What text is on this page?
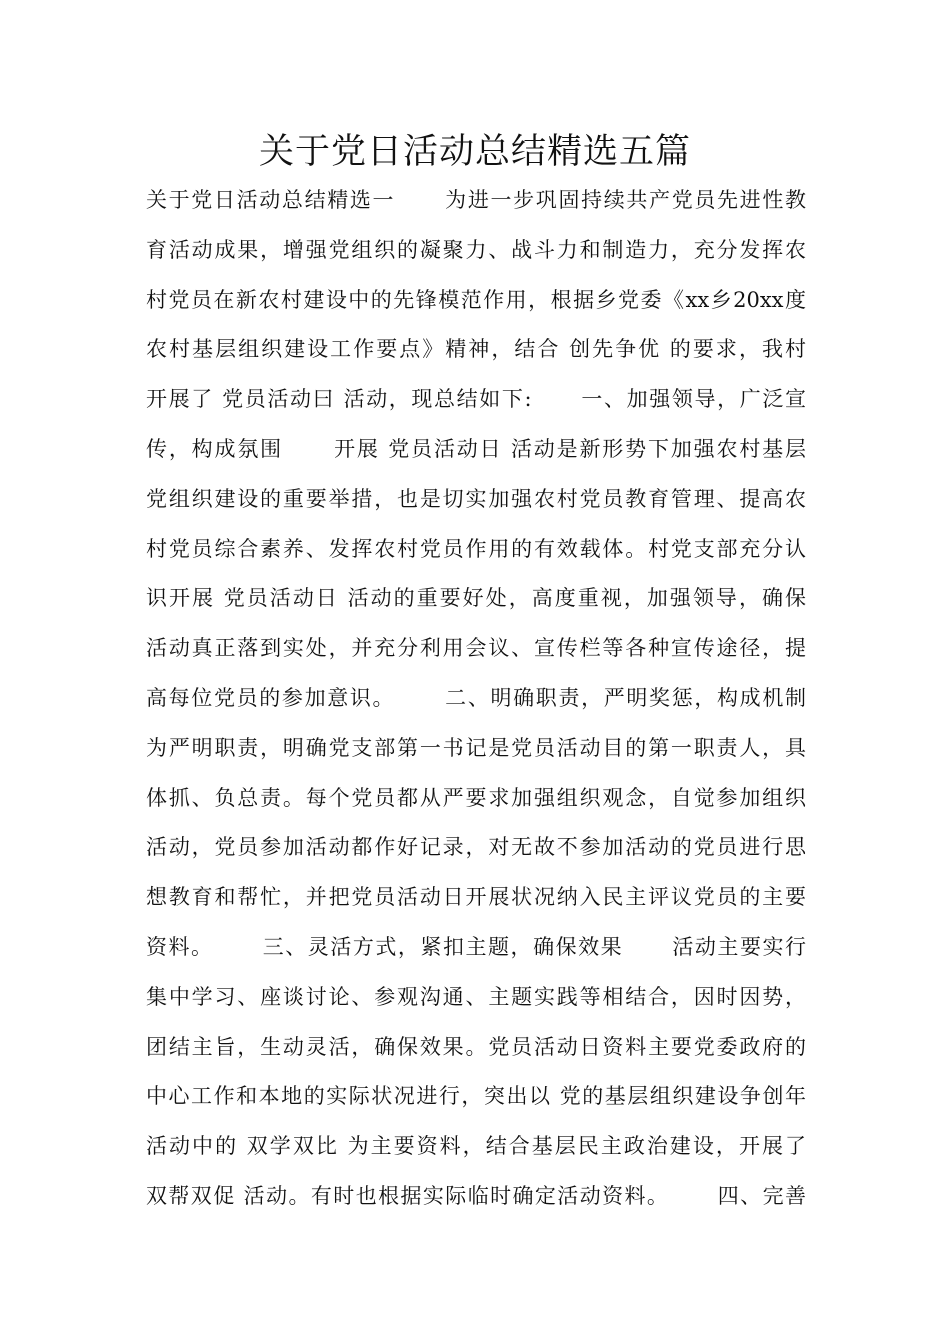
关于党日活动总结精选五篇
关于党日活动总结精选一      为进一步巩固持续共产党员先进性教
育活动成果，增强党组织的凝聚力、战斗力和制造力，充分发挥农
村党员在新农村建设中的先锋模范作用，根据乡党委《xx乡20xx度
农村基层组织建设工作要点》精神，结合 创先争优 的要求，我村
开展了 党员活动曰 活动，现总结如下:      一、加强领导，广泛宣
传，构成氛围      开展 党员活动日 活动是新形势下加强农村基层
党组织建设的重要举措，也是切实加强农村党员教育管理、提高农
村党员综合素养、发挥农村党员作用的有效载体。村党支部充分认
识开展 党员活动日 活动的重要好处，高度重视，加强领导，确保
活动真正落到实处，并充分利用会议、宣传栏等各种宣传途径，提
高每位党员的参加意识。      二、明确职责，严明奖惩，构成机制
为严明职责，明确党支部第一书记是党员活动目的第一职责人，具
体抓、负总责。每个党员都从严要求加强组织观念，自觉参加组织
活动，党员参加活动都作好记录，对无故不参加活动的党员进行思
想教育和帮忙，并把党员活动日开展状况纳入民主评议党员的主要
资料。      三、灵活方式，紧扣主题，确保效果      活动主要实行
集中学习、座谈讨论、参观沟通、主题实践等相结合，因时因势，
团结主旨，生动灵活，确保效果。党员活动日资料主要党委政府的
中心工作和本地的实际状况进行，突出以 党的基层组织建设争创年
活动中的 双学双比 为主要资料，结合基层民主政治建设，开展了
双帮双促 活动。有时也根据实际临时确定活动资料。      四、完善
